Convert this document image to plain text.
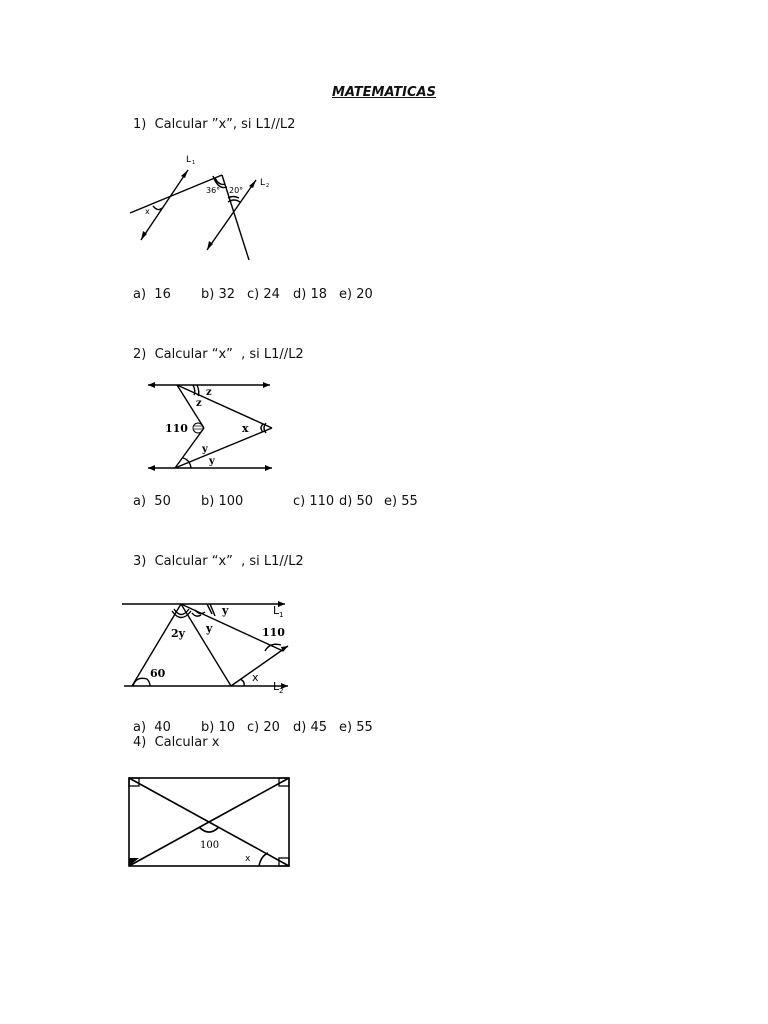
MATEMATICAS
1)  Calcular ”x”, si L1//L2
L 1
L 2
36° 20°
x

a)  16

b) 32

c) 24

d) 18

e) 20

2)  Calcular “x”  , si L1//L2
z
z
110	x
y
y

a)  50

b) 100

	c) 110

d) 50

e) 55

3)  Calcular “x”  , si L1//L2
y
y
2y	110
60	x
L 1
L 2

a)  40

b) 10

c) 20

d) 45

e) 55

4)  Calcular x
100
x
